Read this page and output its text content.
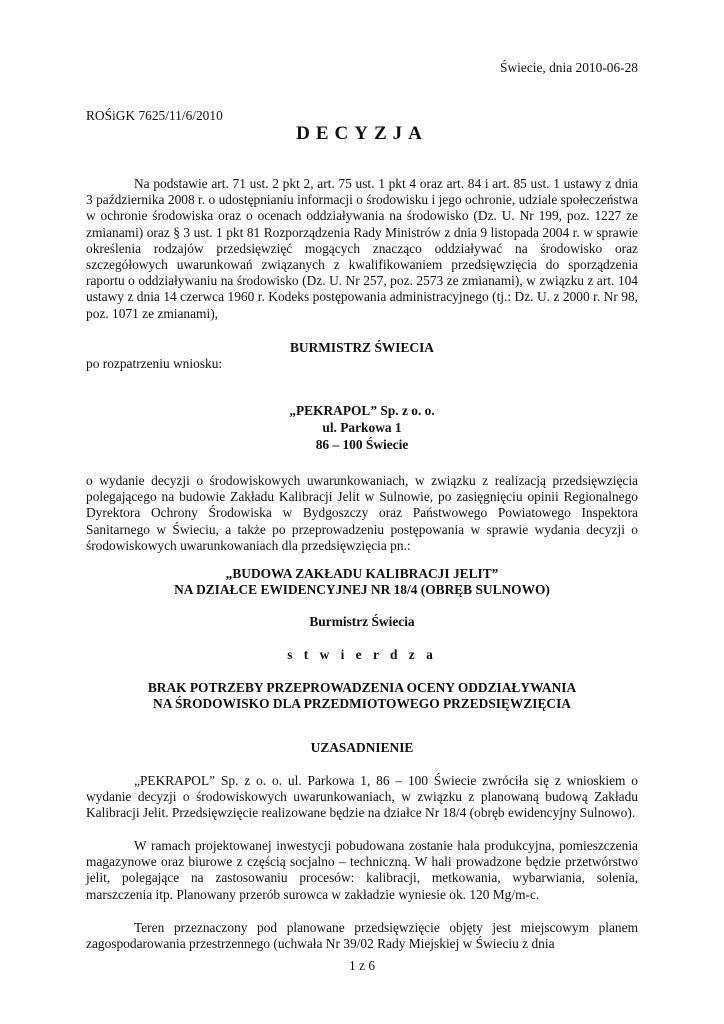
Świecie, dnia 2010-06-28
ROŚiGK 7625/11/6/2010
DECYZJA
Na podstawie art. 71 ust. 2 pkt 2, art. 75 ust. 1 pkt 4 oraz art. 84 i art. 85 ust. 1 ustawy z dnia 3 października 2008 r. o udostępnianiu informacji o środowisku i jego ochronie, udziale społeczeństwa w ochronie środowiska oraz o ocenach oddziaływania na środowisko (Dz. U. Nr 199, poz. 1227 ze zmianami) oraz § 3 ust. 1 pkt 81 Rozporządzenia Rady Ministrów z dnia 9 listopada 2004 r. w sprawie określenia rodzajów przedsięwzięć mogących znacząco oddziaływać na środowisko oraz szczegółowych uwarunkowań związanych z kwalifikowaniem przedsięwzięcia do sporządzenia raportu o oddziaływaniu na środowisko (Dz. U. Nr 257, poz. 2573 ze zmianami), w związku z art. 104 ustawy z dnia 14 czerwca 1960 r. Kodeks postępowania administracyjnego (tj.: Dz. U. z 2000 r. Nr 98, poz. 1071 ze zmianami),
BURMISTRZ ŚWIECIA
po rozpatrzeniu wniosku:
„PEKRAPOL” Sp. z o. o.
ul. Parkowa 1
86 – 100 Świecie
o wydanie decyzji o środowiskowych uwarunkowaniach, w związku z realizacją przedsięwzięcia polegającego na budowie Zakładu Kalibracji Jelit w Sulnowie, po zasięgnięciu opinii Regionalnego Dyrektora Ochrony Środowiska w Bydgoszczy oraz Państwowego Powiatowego Inspektora Sanitarnego w Świeciu, a także po przeprowadzeniu postępowania w sprawie wydania decyzji o środowiskowych uwarunkowaniach dla przedsięwzięcia pn.:
„BUDOWA ZAKŁADU KALIBRACJI JELIT”
NA DZIAŁCE EWIDENCYJNEJ NR 18/4 (OBRĘB SULNOWO)
Burmistrz Świecia
s t w i e r d z a
BRAK POTRZEBY PRZEPROWADZENIA OCENY ODDZIAŁYWANIA
NA ŚRODOWISKO DLA PRZEDMIOTOWEGO PRZEDSIĘWZIĘCIA
UZASADNIENIE
„PEKRAPOL” Sp. z o. o. ul. Parkowa 1, 86 – 100 Świecie zwróciła się z wnioskiem o wydanie decyzji o środowiskowych uwarunkowaniach, w związku z planowaną budową Zakładu Kalibracji Jelit. Przedsięwzięcie realizowane będzie na działce Nr 18/4 (obręb ewidencyjny Sulnowo).
W ramach projektowanej inwestycji pobudowana zostanie hala produkcyjna, pomieszczenia magazynowe oraz biurowe z częścią socjalno – techniczną. W hali prowadzone będzie przetwórstwo jelit, polegające na zastosowaniu procesów: kalibracji, metkowania, wybarwiania, solenia, marszczenia itp. Planowany przerób surowca w zakładzie wyniesie ok. 120 Mg/m-c.
Teren przeznaczony pod planowane przedsięwzięcie objęty jest miejscowym planem zagospodarowania przestrzennego (uchwała Nr 39/02 Rady Miejskiej w Świeciu z dnia
1 z 6
